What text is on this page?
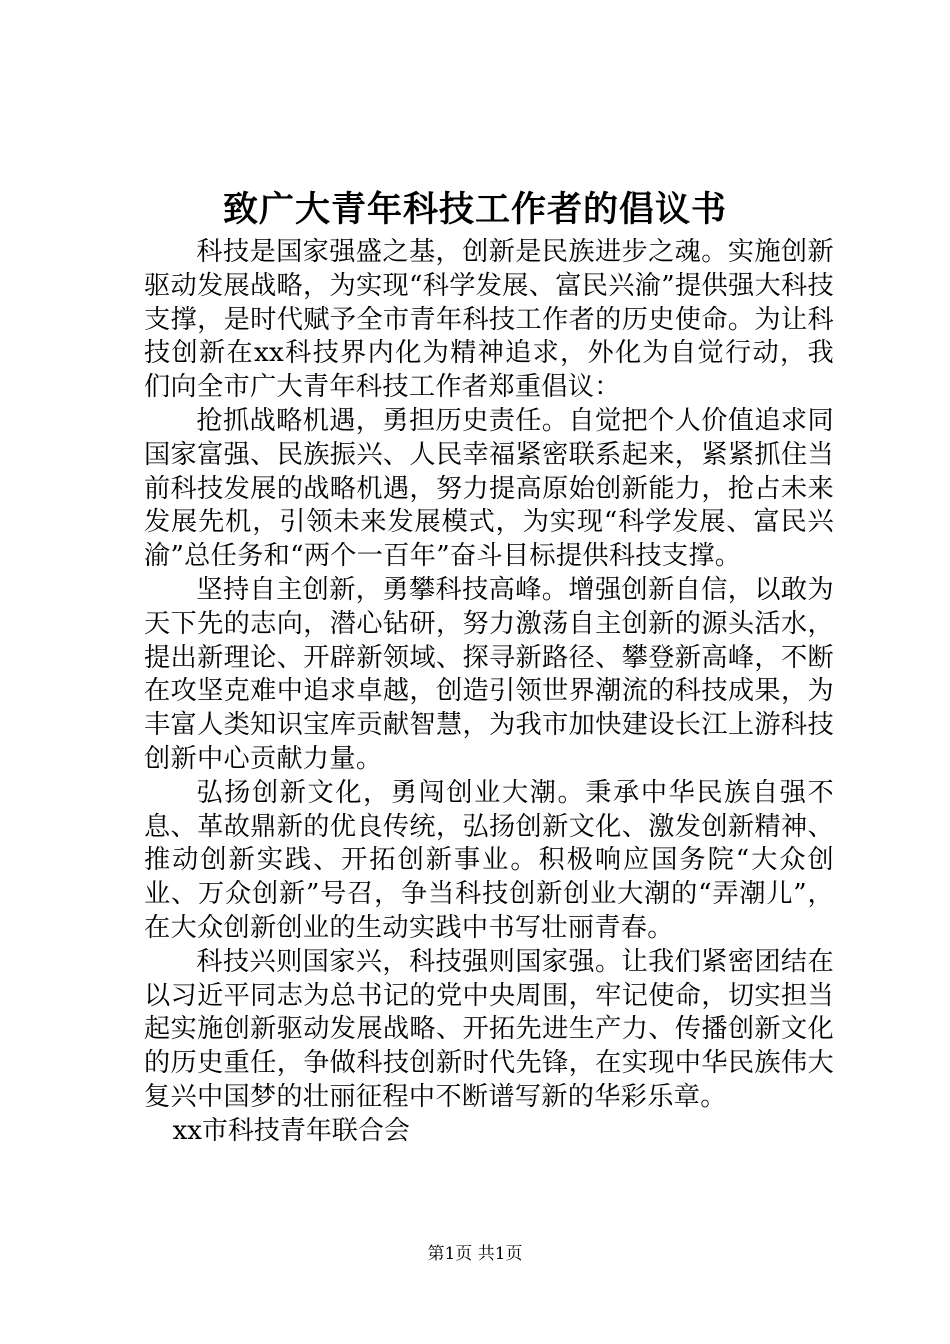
致广大青年科技工作者的倡议书

科技是国家强盛之基，创新是民族进步之魂。实施创新驱动发展战略，为实现“科学发展、富民兴渝”提供强大科技支撑，是时代赋予全市青年科技工作者的历史使命。为让科技创新在xx科技界内化为精神追求，外化为自觉行动，我们向全市广大青年科技工作者郑重倡议：

抢抓战略机遇，勇担历史责任。自觉把个人价值追求同国家富强、民族振兴、人民幸福紧密联系起来，紧紧抓住当前科技发展的战略机遇，努力提高原始创新能力，抢占未来发展先机，引领未来发展模式，为实现“科学发展、富民兴渝”总任务和“两个一百年”奋斗目标提供科技支撑。

坚持自主创新，勇攀科技高峰。增强创新自信，以敢为天下先的志向，潜心钻研，努力激荡自主创新的源头活水，提出新理论、开辟新领域、探寻新路径、攀登新高峰，不断在攻坚克难中追求卓越，创造引领世界潮流的科技成果，为丰富人类知识宝库贡献智慧，为我市加快建设长江上游科技创新中心贡献力量。

弘扬创新文化，勇闯创业大潮。秉承中华民族自强不息、革故鼎新的优良传统，弘扬创新文化、激发创新精神、推动创新实践、开拓创新事业。积极响应国务院“大众创业、万众创新”号召，争当科技创新创业大潮的“弄潮儿”，在大众创新创业的生动实践中书写壮丽青春。

科技兴则国家兴，科技强则国家强。让我们紧密团结在以习近平同志为总书记的党中央周围，牢记使命，切实担当起实施创新驱动发展战略、开拓先进生产力、传播创新文化的历史重任，争做科技创新时代先锋，在实现中华民族伟大复兴中国梦的壮丽征程中不断谱写新的华彩乐章。

xx市科技青年联合会

第1页 共1页
